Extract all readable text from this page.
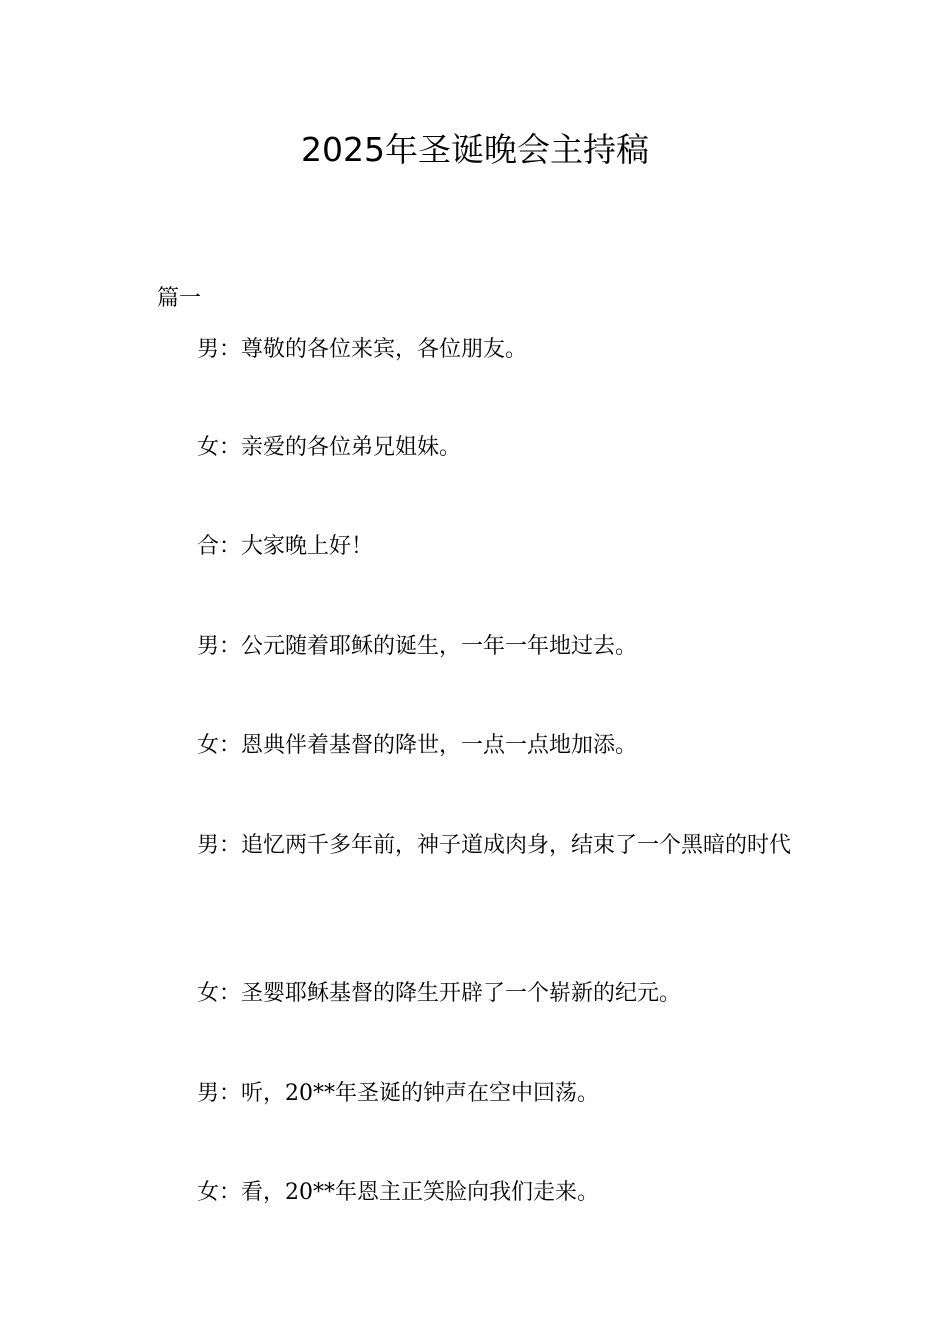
2025年圣诞晚会主持稿
篇一

男：尊敬的各位来宾，各位朋友。

女：亲爱的各位弟兄姐妹。

合：大家晚上好！

男：公元随着耶稣的诞生，一年一年地过去。

女：恩典伴着基督的降世，一点一点地加添。

男：追忆两千多年前，神子道成肉身，结束了一个黑暗的时代

女：圣婴耶稣基督的降生开辟了一个崭新的纪元。

男：听，20**年圣诞的钟声在空中回荡。

女：看，20**年恩主正笑脸向我们走来。
